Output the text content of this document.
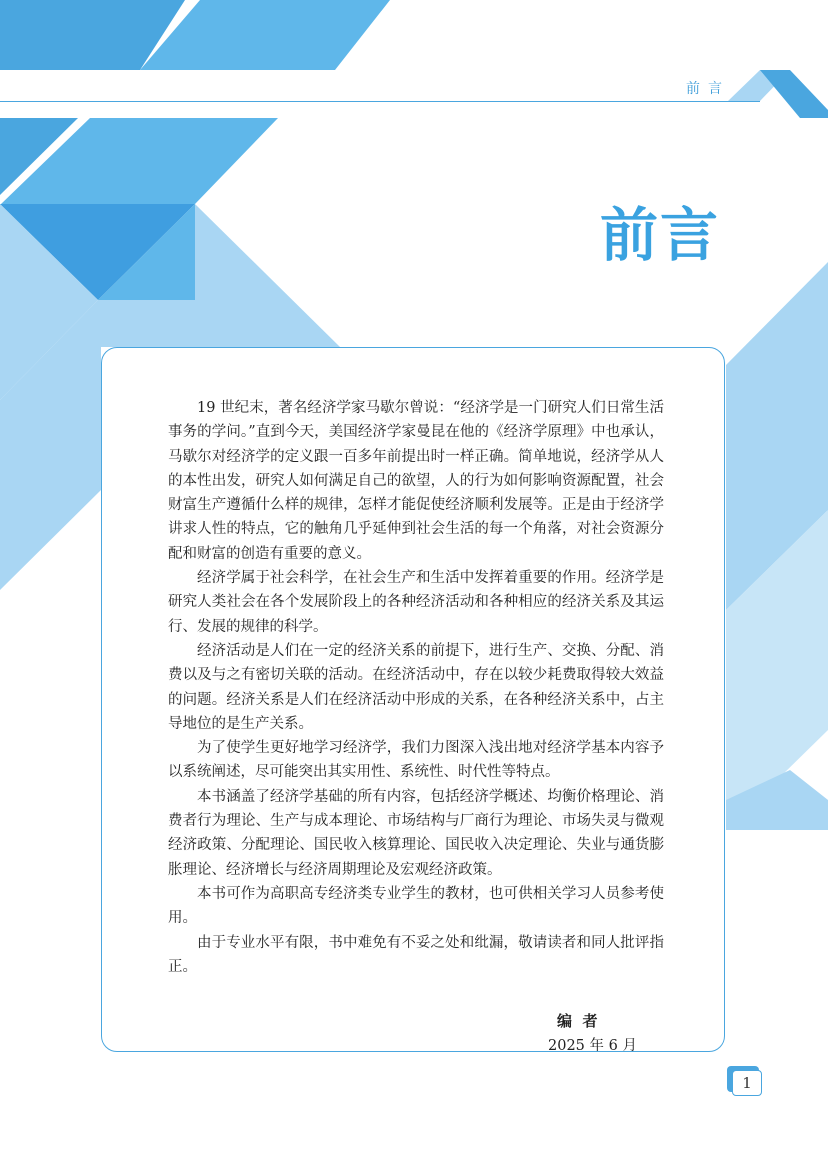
前言
前言

19 世纪末，著名经济学家马歇尔曾说：“经济学是一门研究人们日常生活事务的学问。”直到今天，美国经济学家曼昆在他的《经济学原理》中也承认，马歇尔对经济学的定义跟一百多年前提出时一样正确。简单地说，经济学从人的本性出发，研究人如何满足自己的欲望，人的行为如何影响资源配置，社会财富生产遵循什么样的规律，怎样才能促使经济顺利发展等。正是由于经济学讲求人性的特点，它的触角几乎延伸到社会生活的每一个角落，对社会资源分配和财富的创造有重要的意义。

经济学属于社会科学，在社会生产和生活中发挥着重要的作用。经济学是研究人类社会在各个发展阶段上的各种经济活动和各种相应的经济关系及其运行、发展的规律的科学。

经济活动是人们在一定的经济关系的前提下，进行生产、交换、分配、消费以及与之有密切关联的活动。在经济活动中，存在以较少耗费取得较大效益的问题。经济关系是人们在经济活动中形成的关系，在各种经济关系中，占主导地位的是生产关系。

为了使学生更好地学习经济学，我们力图深入浅出地对经济学基本内容予以系统阐述，尽可能突出其实用性、系统性、时代性等特点。

本书涵盖了经济学基础的所有内容，包括经济学概述、均衡价格理论、消费者行为理论、生产与成本理论、市场结构与厂商行为理论、市场失灵与微观经济政策、分配理论、国民收入核算理论、国民收入决定理论、失业与通货膨胀理论、经济增长与经济周期理论及宏观经济政策。

本书可作为高职高专经济类专业学生的教材，也可供相关学习人员参考使用。

由于专业水平有限，书中难免有不妥之处和纰漏，敬请读者和同人批评指正。

编  者
2025 年 6 月
1
